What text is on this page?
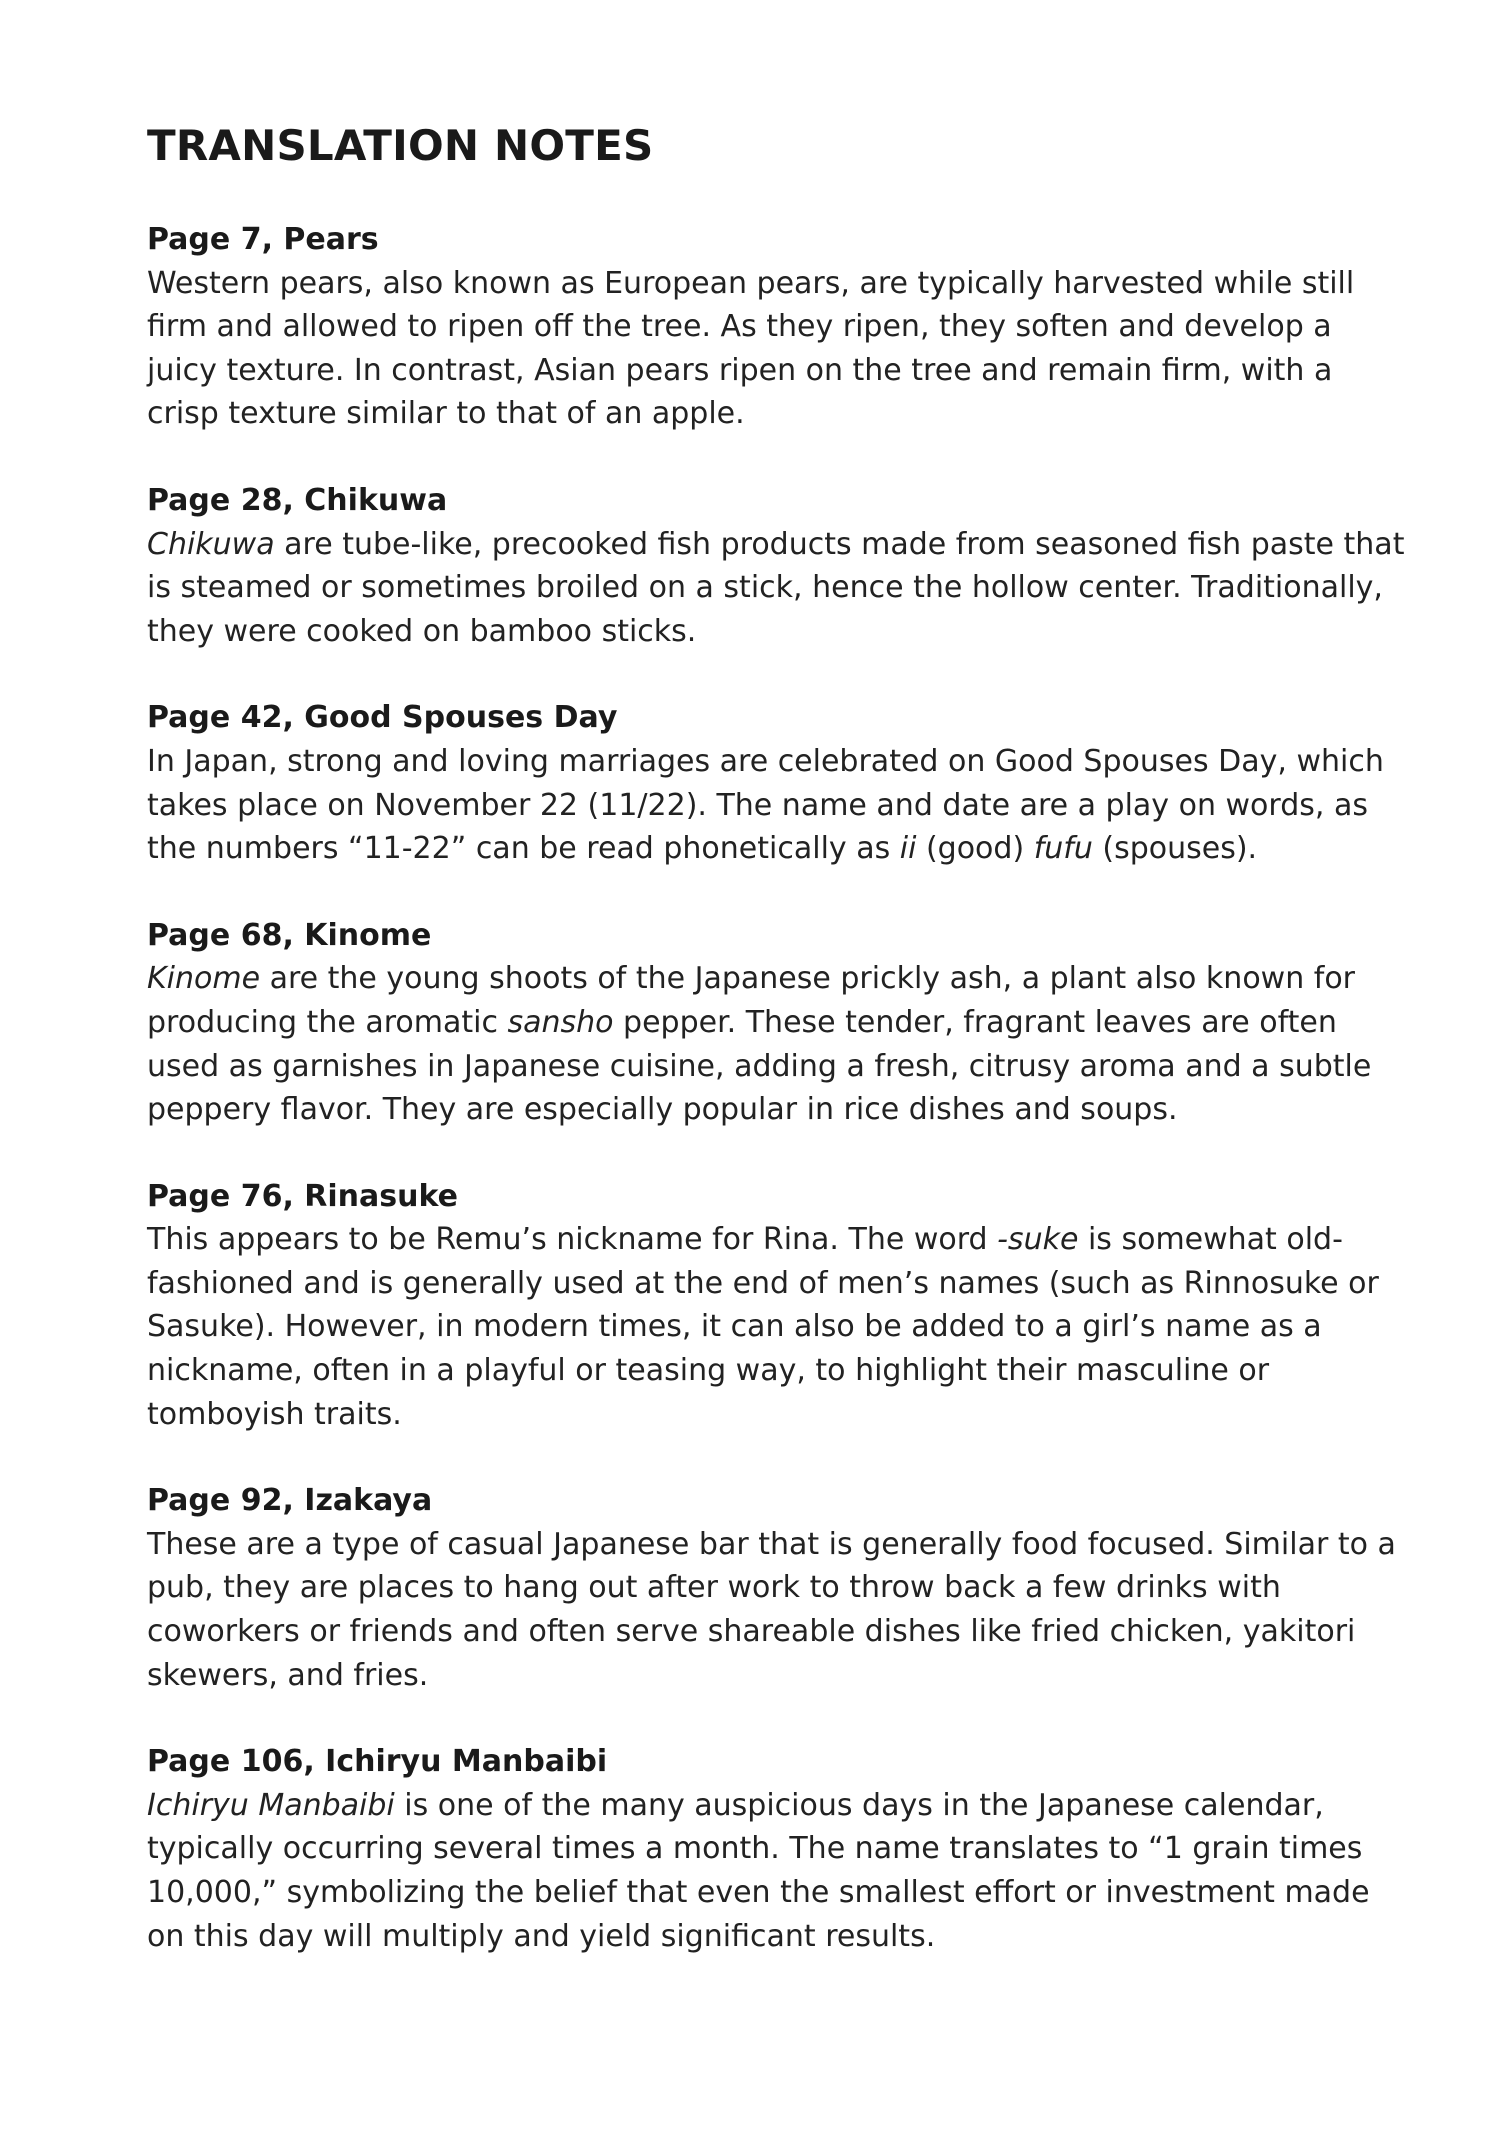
TRANSLATION NOTES

Page 7, Pears

Western pears, also known as European pears, are typically harvested while still firm and allowed to ripen off the tree. As they ripen, they soften and develop a juicy texture. In contrast, Asian pears ripen on the tree and remain firm, with a crisp texture similar to that of an apple.

Page 28, Chikuwa

Chikuwa are tube-like, precooked fish products made from seasoned fish paste that is steamed or sometimes broiled on a stick, hence the hollow center. Traditionally, they were cooked on bamboo sticks.

Page 42, Good Spouses Day

In Japan, strong and loving marriages are celebrated on Good Spouses Day, which takes place on November 22 (11/22). The name and date are a play on words, as the numbers “11-22” can be read phonetically as ii (good) fufu (spouses).

Page 68, Kinome

Kinome are the young shoots of the Japanese prickly ash, a plant also known for producing the aromatic sansho pepper. These tender, fragrant leaves are often used as garnishes in Japanese cuisine, adding a fresh, citrusy aroma and a subtle peppery flavor. They are especially popular in rice dishes and soups.

Page 76, Rinasuke

This appears to be Remu’s nickname for Rina. The word -suke is somewhat old-fashioned and is generally used at the end of men’s names (such as Rinnosuke or Sasuke). However, in modern times, it can also be added to a girl’s name as a nickname, often in a playful or teasing way, to highlight their masculine or tomboyish traits.

Page 92, Izakaya

These are a type of casual Japanese bar that is generally food focused. Similar to a pub, they are places to hang out after work to throw back a few drinks with coworkers or friends and often serve shareable dishes like fried chicken, yakitori skewers, and fries.

Page 106, Ichiryu Manbaibi

Ichiryu Manbaibi is one of the many auspicious days in the Japanese calendar, typically occurring several times a month. The name translates to “1 grain times 10,000,” symbolizing the belief that even the smallest effort or investment made on this day will multiply and yield significant results.
